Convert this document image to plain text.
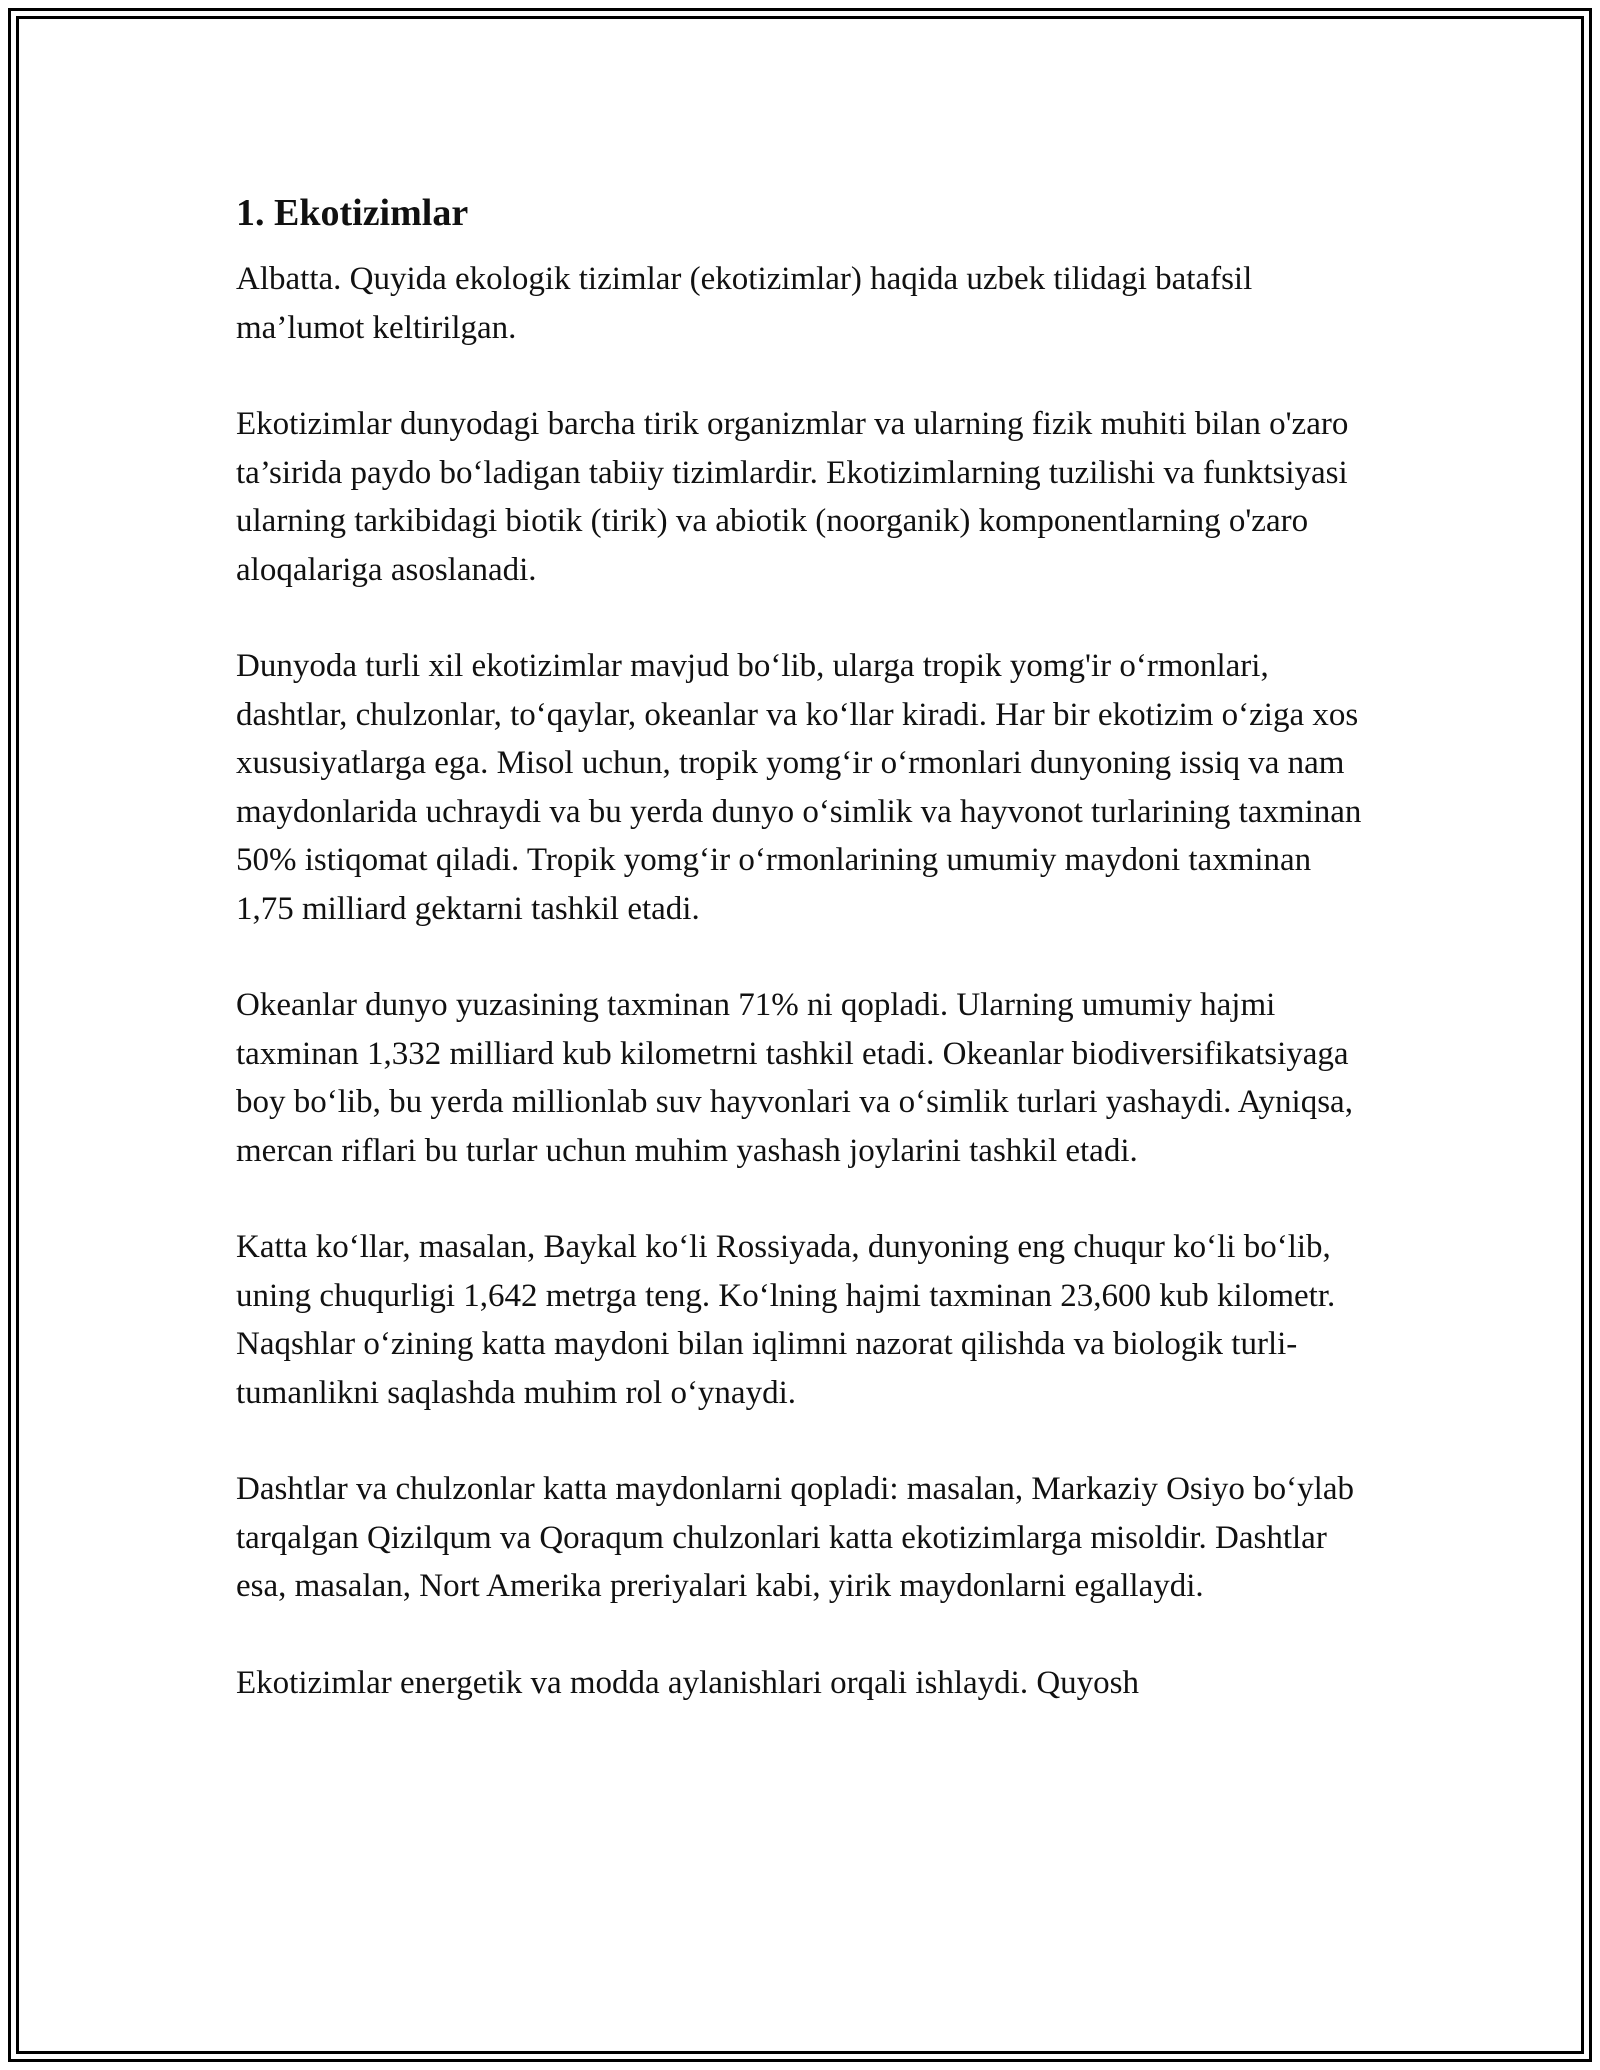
1. Ekotizimlar

Albatta. Quyida ekologik tizimlar (ekotizimlar) haqida uzbek tilidagi batafsil ma’lumot keltirilgan.

Ekotizimlar dunyodagi barcha tirik organizmlar va ularning fizik muhiti bilan o'zaro ta’sirida paydo bo‘ladigan tabiiy tizimlardir. Ekotizimlarning tuzilishi va funktsiyasi ularning tarkibidagi biotik (tirik) va abiotik (noorganik) komponentlarning o'zaro aloqalariga asoslanadi.

Dunyoda turli xil ekotizimlar mavjud bo‘lib, ularga tropik yomg'ir o‘rmonlari, dashtlar, chulzonlar, to‘qaylar, okeanlar va ko‘llar kiradi. Har bir ekotizim o‘ziga xos xususiyatlarga ega. Misol uchun, tropik yomg‘ir o‘rmonlari dunyoning issiq va nam maydonlarida uchraydi va bu yerda dunyo o‘simlik va hayvonot turlarining taxminan 50% istiqomat qiladi. Tropik yomg‘ir o‘rmonlarining umumiy maydoni taxminan 1,75 milliard gektarni tashkil etadi.

Okeanlar dunyo yuzasining taxminan 71% ni qopladi. Ularning umumiy hajmi taxminan 1,332 milliard kub kilometrni tashkil etadi. Okeanlar biodiversifikatsiyaga boy bo‘lib, bu yerda millionlab suv hayvonlari va o‘simlik turlari yashaydi. Ayniqsa, mercan riflari bu turlar uchun muhim yashash joylarini tashkil etadi.

Katta ko‘llar, masalan, Baykal ko‘li Rossiyada, dunyoning eng chuqur ko‘li bo‘lib, uning chuqurligi 1,642 metrga teng. Ko‘lning hajmi taxminan 23,600 kub kilometr. Naqshlar o‘zining katta maydoni bilan iqlimni nazorat qilishda va biologik turli-tumanlikni saqlashda muhim rol o‘ynaydi.

Dashtlar va chulzonlar katta maydonlarni qopladi: masalan, Markaziy Osiyo bo‘ylab tarqalgan Qizilqum va Qoraqum chulzonlari katta ekotizimlarga misoldir. Dashtlar esa, masalan, Nort Amerika preriyalari kabi, yirik maydonlarni egallaydi.

Ekotizimlar energetik va modda aylanishlari orqali ishlaydi. Quyosh
